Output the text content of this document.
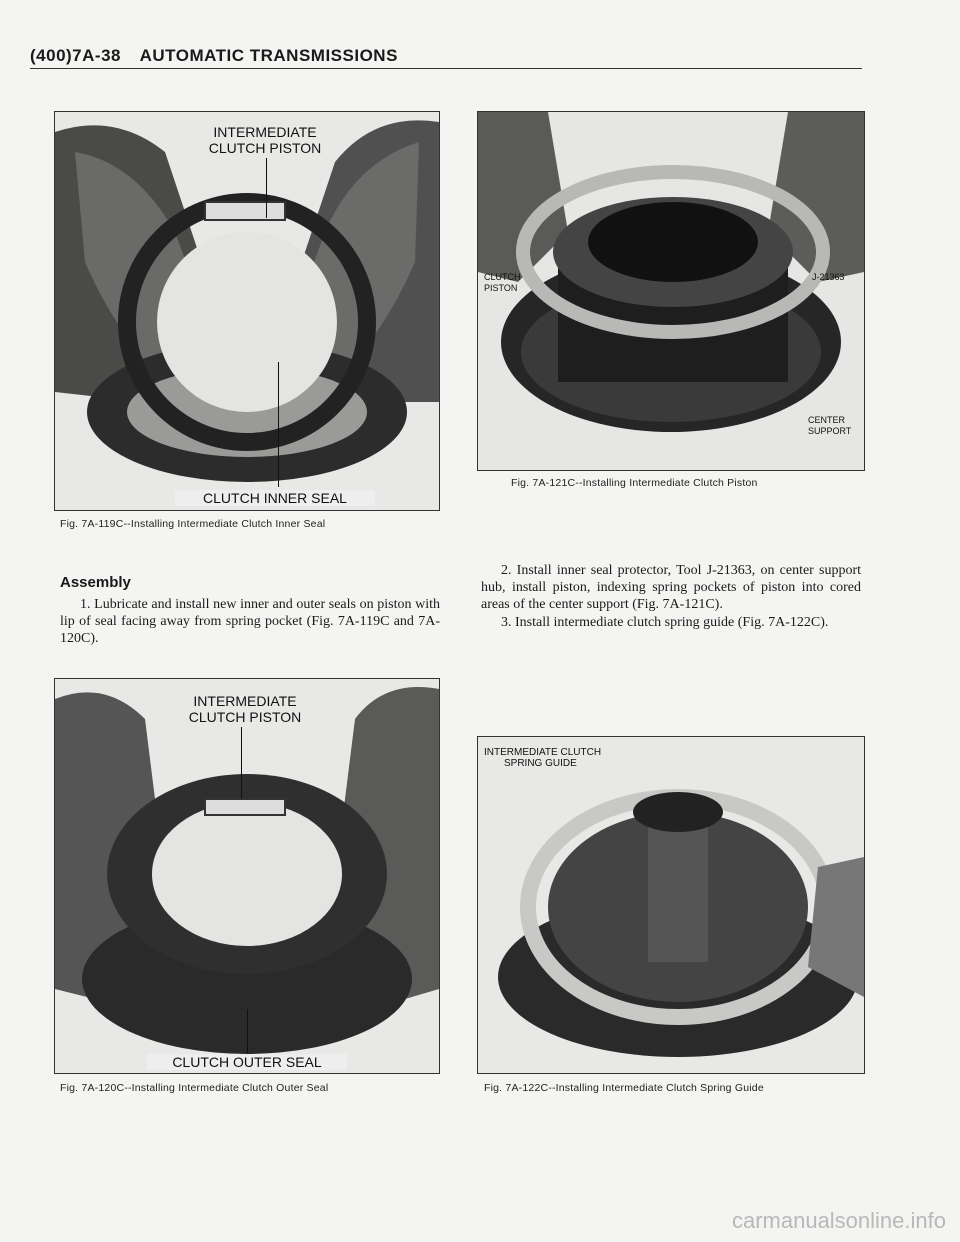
(400)7A-38 AUTOMATIC TRANSMISSIONS
INTERMEDIATE
CLUTCH PISTON
CLUTCH INNER SEAL
Fig. 7A-119C--Installing Intermediate Clutch Inner Seal
CLUTCH
PISTON
J-21363
CENTER
SUPPORT
Fig. 7A-121C--Installing Intermediate Clutch Piston
Assembly

1. Lubricate and install new inner and outer seals on piston with lip of seal facing away from spring pocket (Fig. 7A-119C and 7A-120C).

2. Install inner seal protector, Tool J-21363, on center support hub, install piston, indexing spring pockets of piston into cored areas of the center support (Fig. 7A-121C).

3. Install intermediate clutch spring guide (Fig. 7A-122C).

INTERMEDIATE
CLUTCH PISTON
CLUTCH OUTER SEAL
Fig. 7A-120C--Installing Intermediate Clutch Outer Seal
INTERMEDIATE CLUTCH
SPRING GUIDE
Fig. 7A-122C--Installing Intermediate Clutch Spring Guide
carmanualsonline.info
